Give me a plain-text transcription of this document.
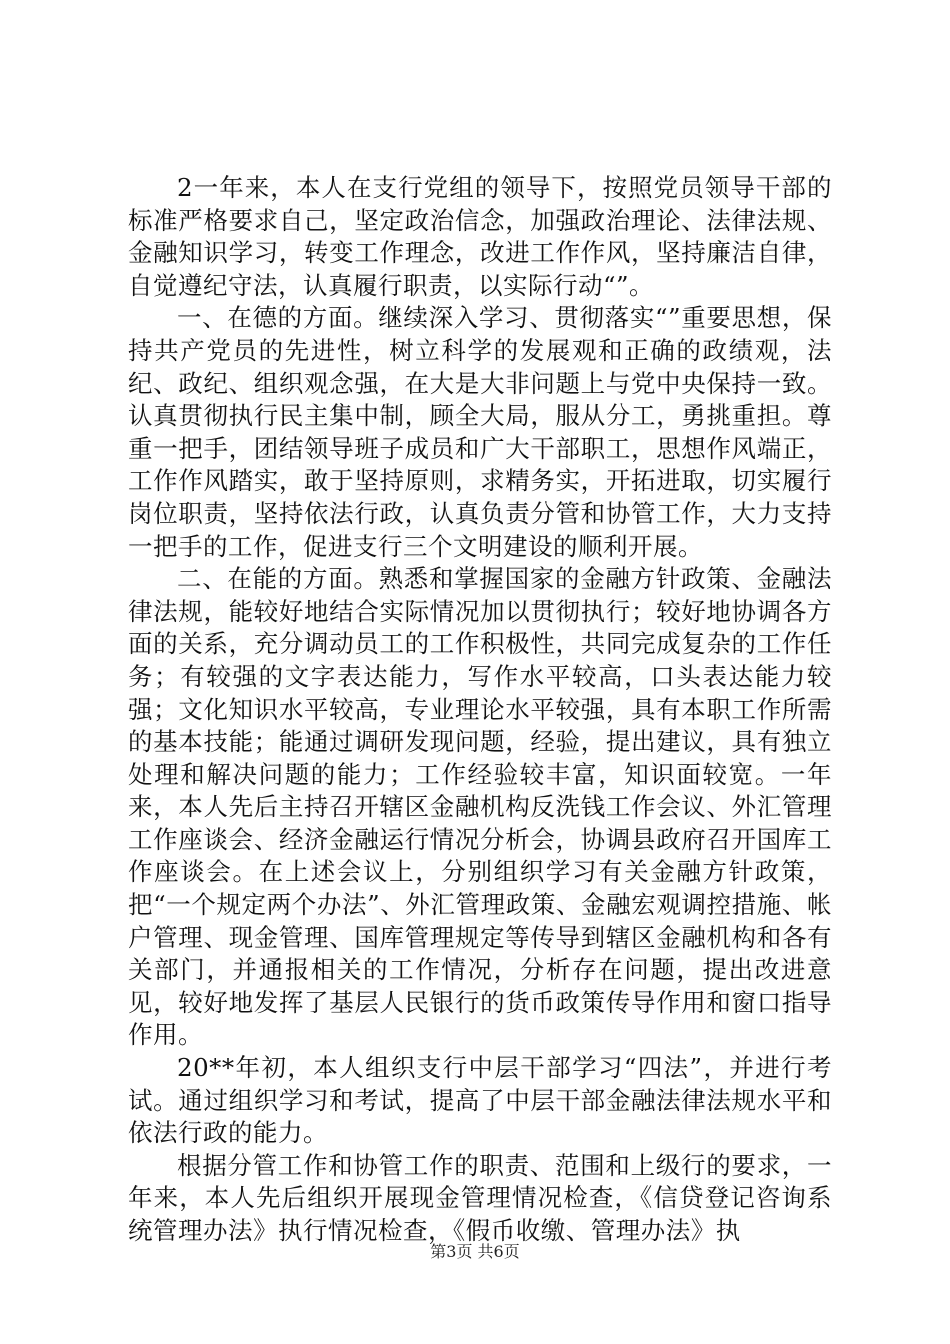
2一年来，本人在支行党组的领导下，按照党员领导干部的标准严格要求自己，坚定政治信念，加强政治理论、法律法规、金融知识学习，转变工作理念，改进工作作风，坚持廉洁自律，自觉遵纪守法，认真履行职责，以实际行动“”。

一、在德的方面。继续深入学习、贯彻落实“”重要思想，保持共产党员的先进性，树立科学的发展观和正确的政绩观，法纪、政纪、组织观念强，在大是大非问题上与党中央保持一致。认真贯彻执行民主集中制，顾全大局，服从分工，勇挑重担。尊重一把手，团结领导班子成员和广大干部职工，思想作风端正，工作作风踏实，敢于坚持原则，求精务实，开拓进取，切实履行岗位职责，坚持依法行政，认真负责分管和协管工作，大力支持一把手的工作，促进支行三个文明建设的顺利开展。

二、在能的方面。熟悉和掌握国家的金融方针政策、金融法律法规，能较好地结合实际情况加以贯彻执行；较好地协调各方面的关系，充分调动员工的工作积极性，共同完成复杂的工作任务；有较强的文字表达能力，写作水平较高，口头表达能力较强；文化知识水平较高，专业理论水平较强，具有本职工作所需的基本技能；能通过调研发现问题，经验，提出建议，具有独立处理和解决问题的能力；工作经验较丰富，知识面较宽。一年来，本人先后主持召开辖区金融机构反洗钱工作会议、外汇管理工作座谈会、经济金融运行情况分析会，协调县政府召开国库工作座谈会。在上述会议上，分别组织学习有关金融方针政策，把“一个规定两个办法”、外汇管理政策、金融宏观调控措施、帐户管理、现金管理、国库管理规定等传导到辖区金融机构和各有关部门，并通报相关的工作情况，分析存在问题，提出改进意见，较好地发挥了基层人民银行的货币政策传导作用和窗口指导作用。

20**年初，本人组织支行中层干部学习“四法”，并进行考试。通过组织学习和考试，提高了中层干部金融法律法规水平和依法行政的能力。

根据分管工作和协管工作的职责、范围和上级行的要求，一年来，本人先后组织开展现金管理情况检查，《信贷登记咨询系统管理办法》执行情况检查，《假币收缴、管理办法》执

第3页 共6页
